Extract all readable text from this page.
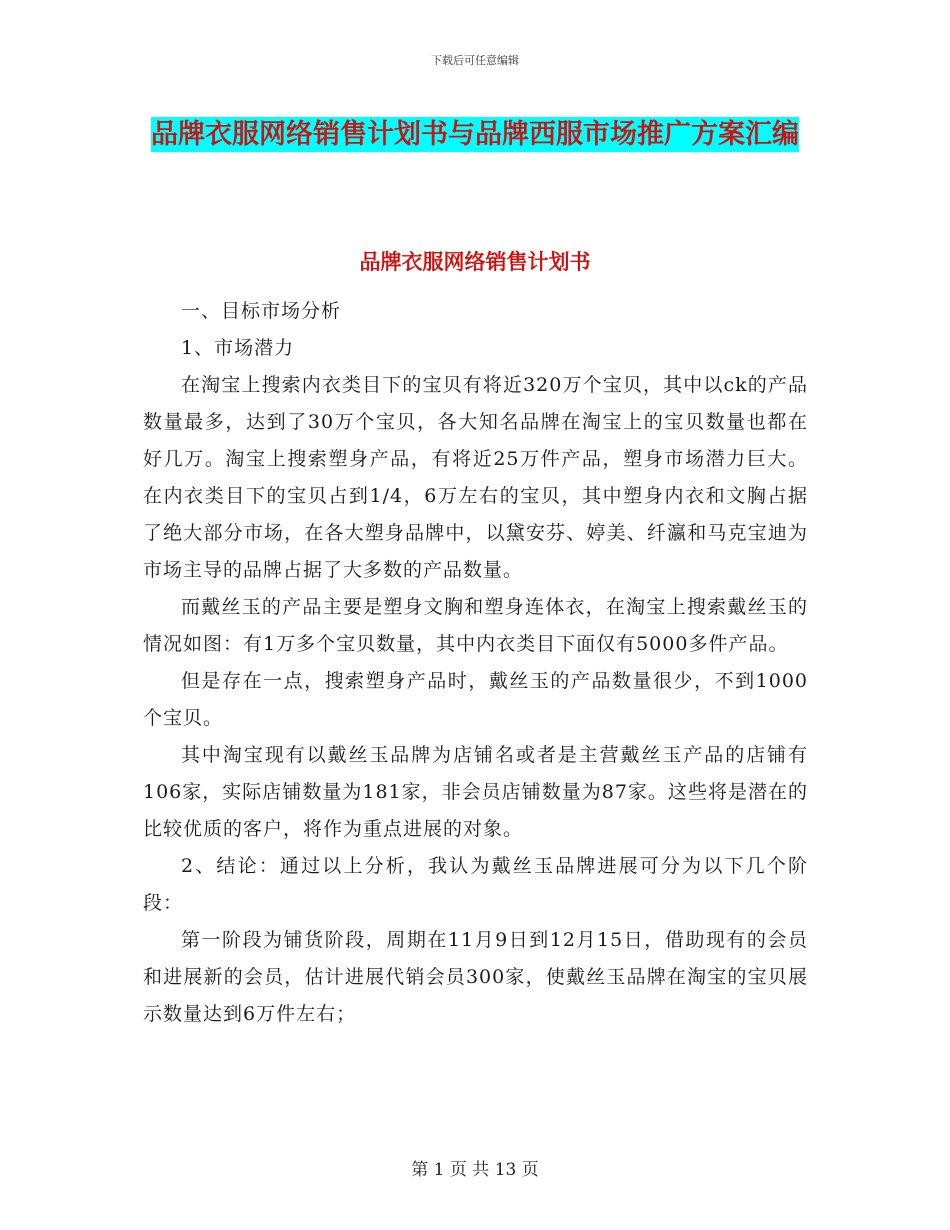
下载后可任意编辑
品牌衣服网络销售计划书与品牌西服市场推广方案汇编
品牌衣服网络销售计划书

一、目标市场分析

1、市场潜力

在淘宝上搜索内衣类目下的宝贝有将近320万个宝贝，其中以ck的产品数量最多，达到了30万个宝贝，各大知名品牌在淘宝上的宝贝数量也都在好几万。淘宝上搜索塑身产品，有将近25万件产品，塑身市场潜力巨大。在内衣类目下的宝贝占到1/4，6万左右的宝贝，其中塑身内衣和文胸占据了绝大部分市场，在各大塑身品牌中，以黛安芬、婷美、纤瀛和马克宝迪为市场主导的品牌占据了大多数的产品数量。

而戴丝玉的产品主要是塑身文胸和塑身连体衣，在淘宝上搜索戴丝玉的情况如图：有1万多个宝贝数量，其中内衣类目下面仅有5000多件产品。

但是存在一点，搜索塑身产品时，戴丝玉的产品数量很少，不到1000个宝贝。

其中淘宝现有以戴丝玉品牌为店铺名或者是主营戴丝玉产品的店铺有106家，实际店铺数量为181家，非会员店铺数量为87家。这些将是潜在的比较优质的客户，将作为重点进展的对象。

2、结论：通过以上分析，我认为戴丝玉品牌进展可分为以下几个阶段：

第一阶段为铺货阶段，周期在11月9日到12月15日，借助现有的会员和进展新的会员，估计进展代销会员300家，使戴丝玉品牌在淘宝的宝贝展示数量达到6万件左右；

第 1 页 共 13 页
